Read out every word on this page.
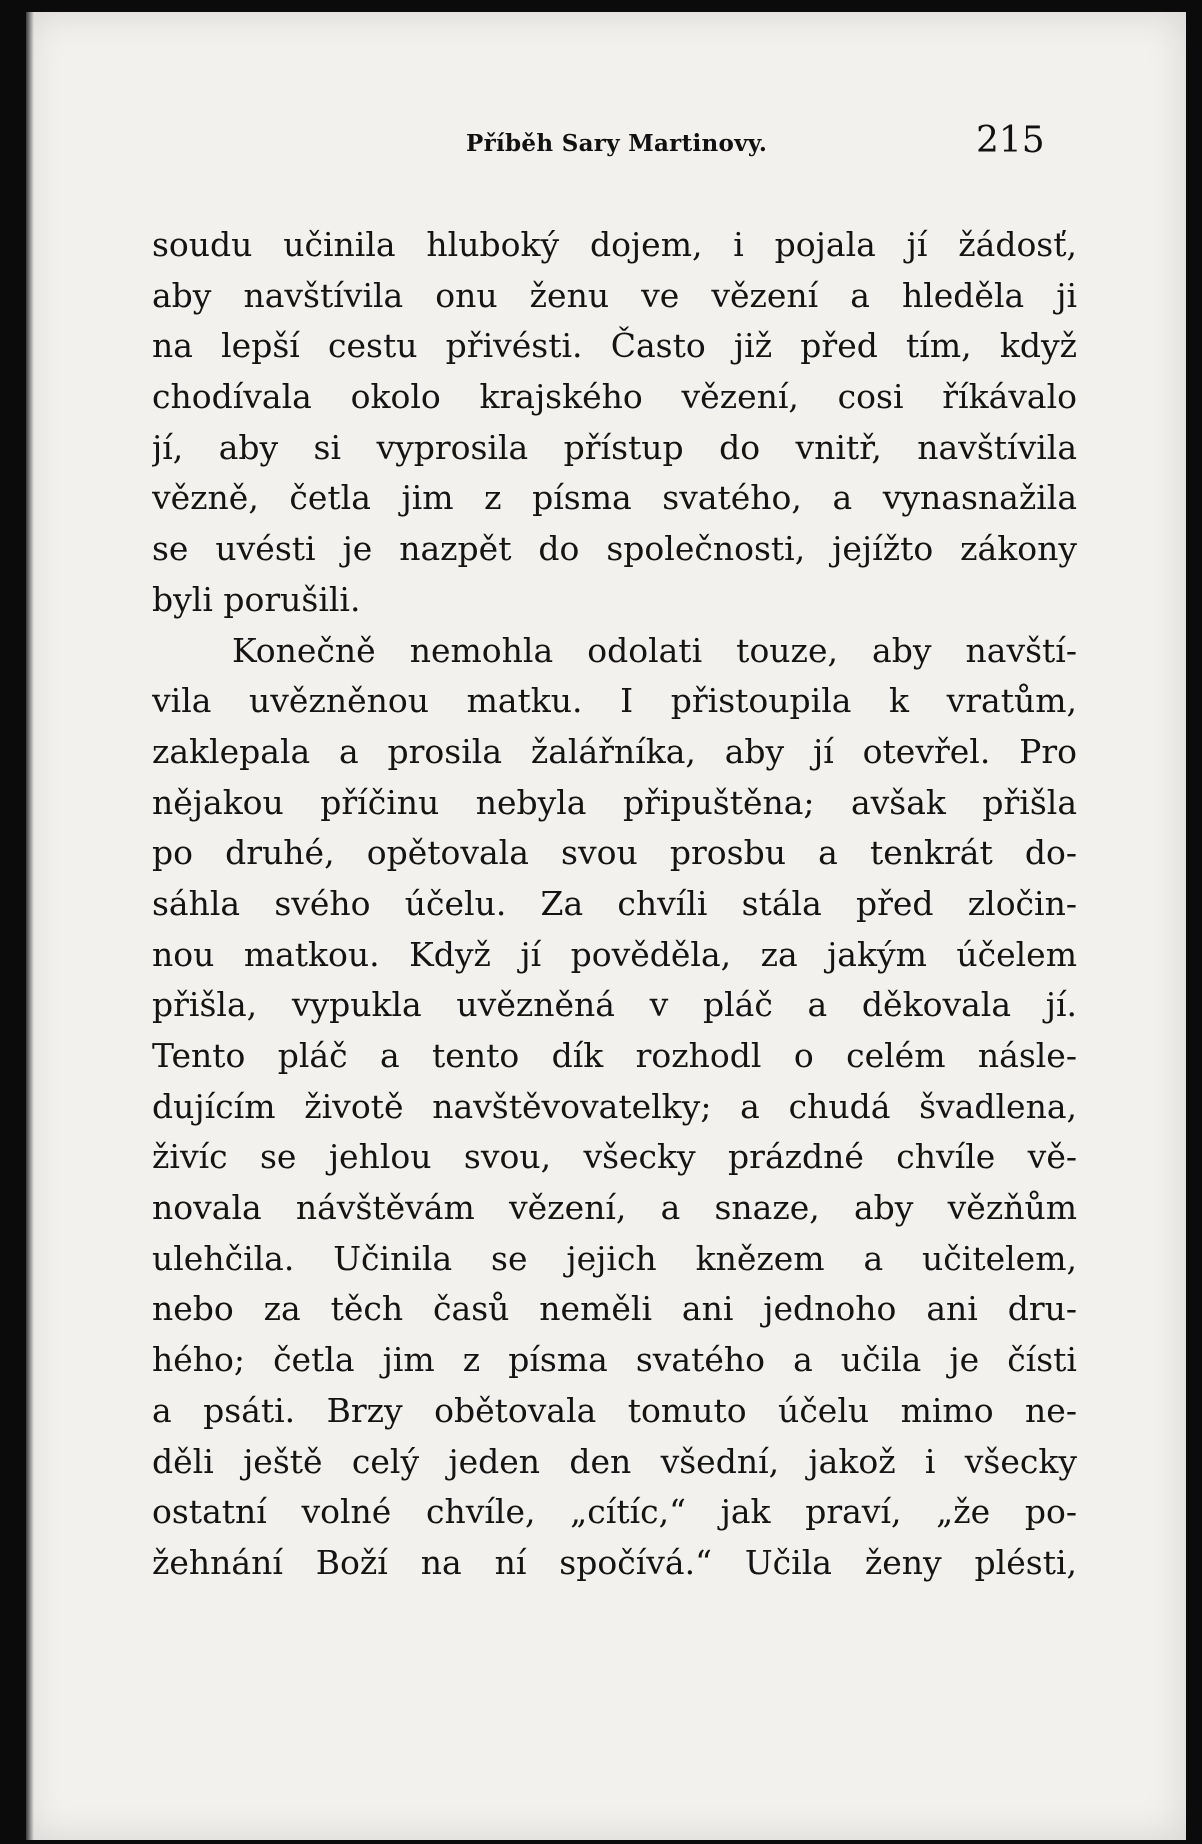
Příběh Sary Martinovy.	215
soudu učinila hluboký dojem, i pojala jí žádosť,
aby navštívila onu ženu ve vězení a hleděla ji
na lepší cestu přivésti. Často již před tím, když
chodívala okolo krajského vězení, cosi říkávalo
jí, aby si vyprosila přístup do vnitř, navštívila
vězně, četla jim z písma svatého, a vynasnažila
se uvésti je nazpět do společnosti, jejížto zákony
byli porušili.
Konečně nemohla odolati touze, aby navští-
vila uvězněnou matku. I přistoupila k vratům,
zaklepala a prosila žalářníka, aby jí otevřel. Pro
nějakou příčinu nebyla připuštěna; avšak přišla
po druhé, opětovala svou prosbu a tenkrát do-
sáhla svého účelu. Za chvíli stála před zločin-
nou matkou. Když jí pověděla, za jakým účelem
přišla, vypukla uvězněná v pláč a děkovala jí.
Tento pláč a tento dík rozhodl o celém násle-
dujícím životě navštěvovatelky; a chudá švadlena,
živíc se jehlou svou, všecky prázdné chvíle vě-
novala návštěvám vězení, a snaze, aby vězňům
ulehčila. Učinila se jejich knězem a učitelem,
nebo za těch časů neměli ani jednoho ani dru-
hého; četla jim z písma svatého a učila je čísti
a psáti. Brzy obětovala tomuto účelu mimo ne-
děli ještě celý jeden den všední, jakož i všecky
ostatní volné chvíle, „cítíc,“ jak praví, „že po-
žehnání Boží na ní spočívá.“ Učila ženy plésti,
